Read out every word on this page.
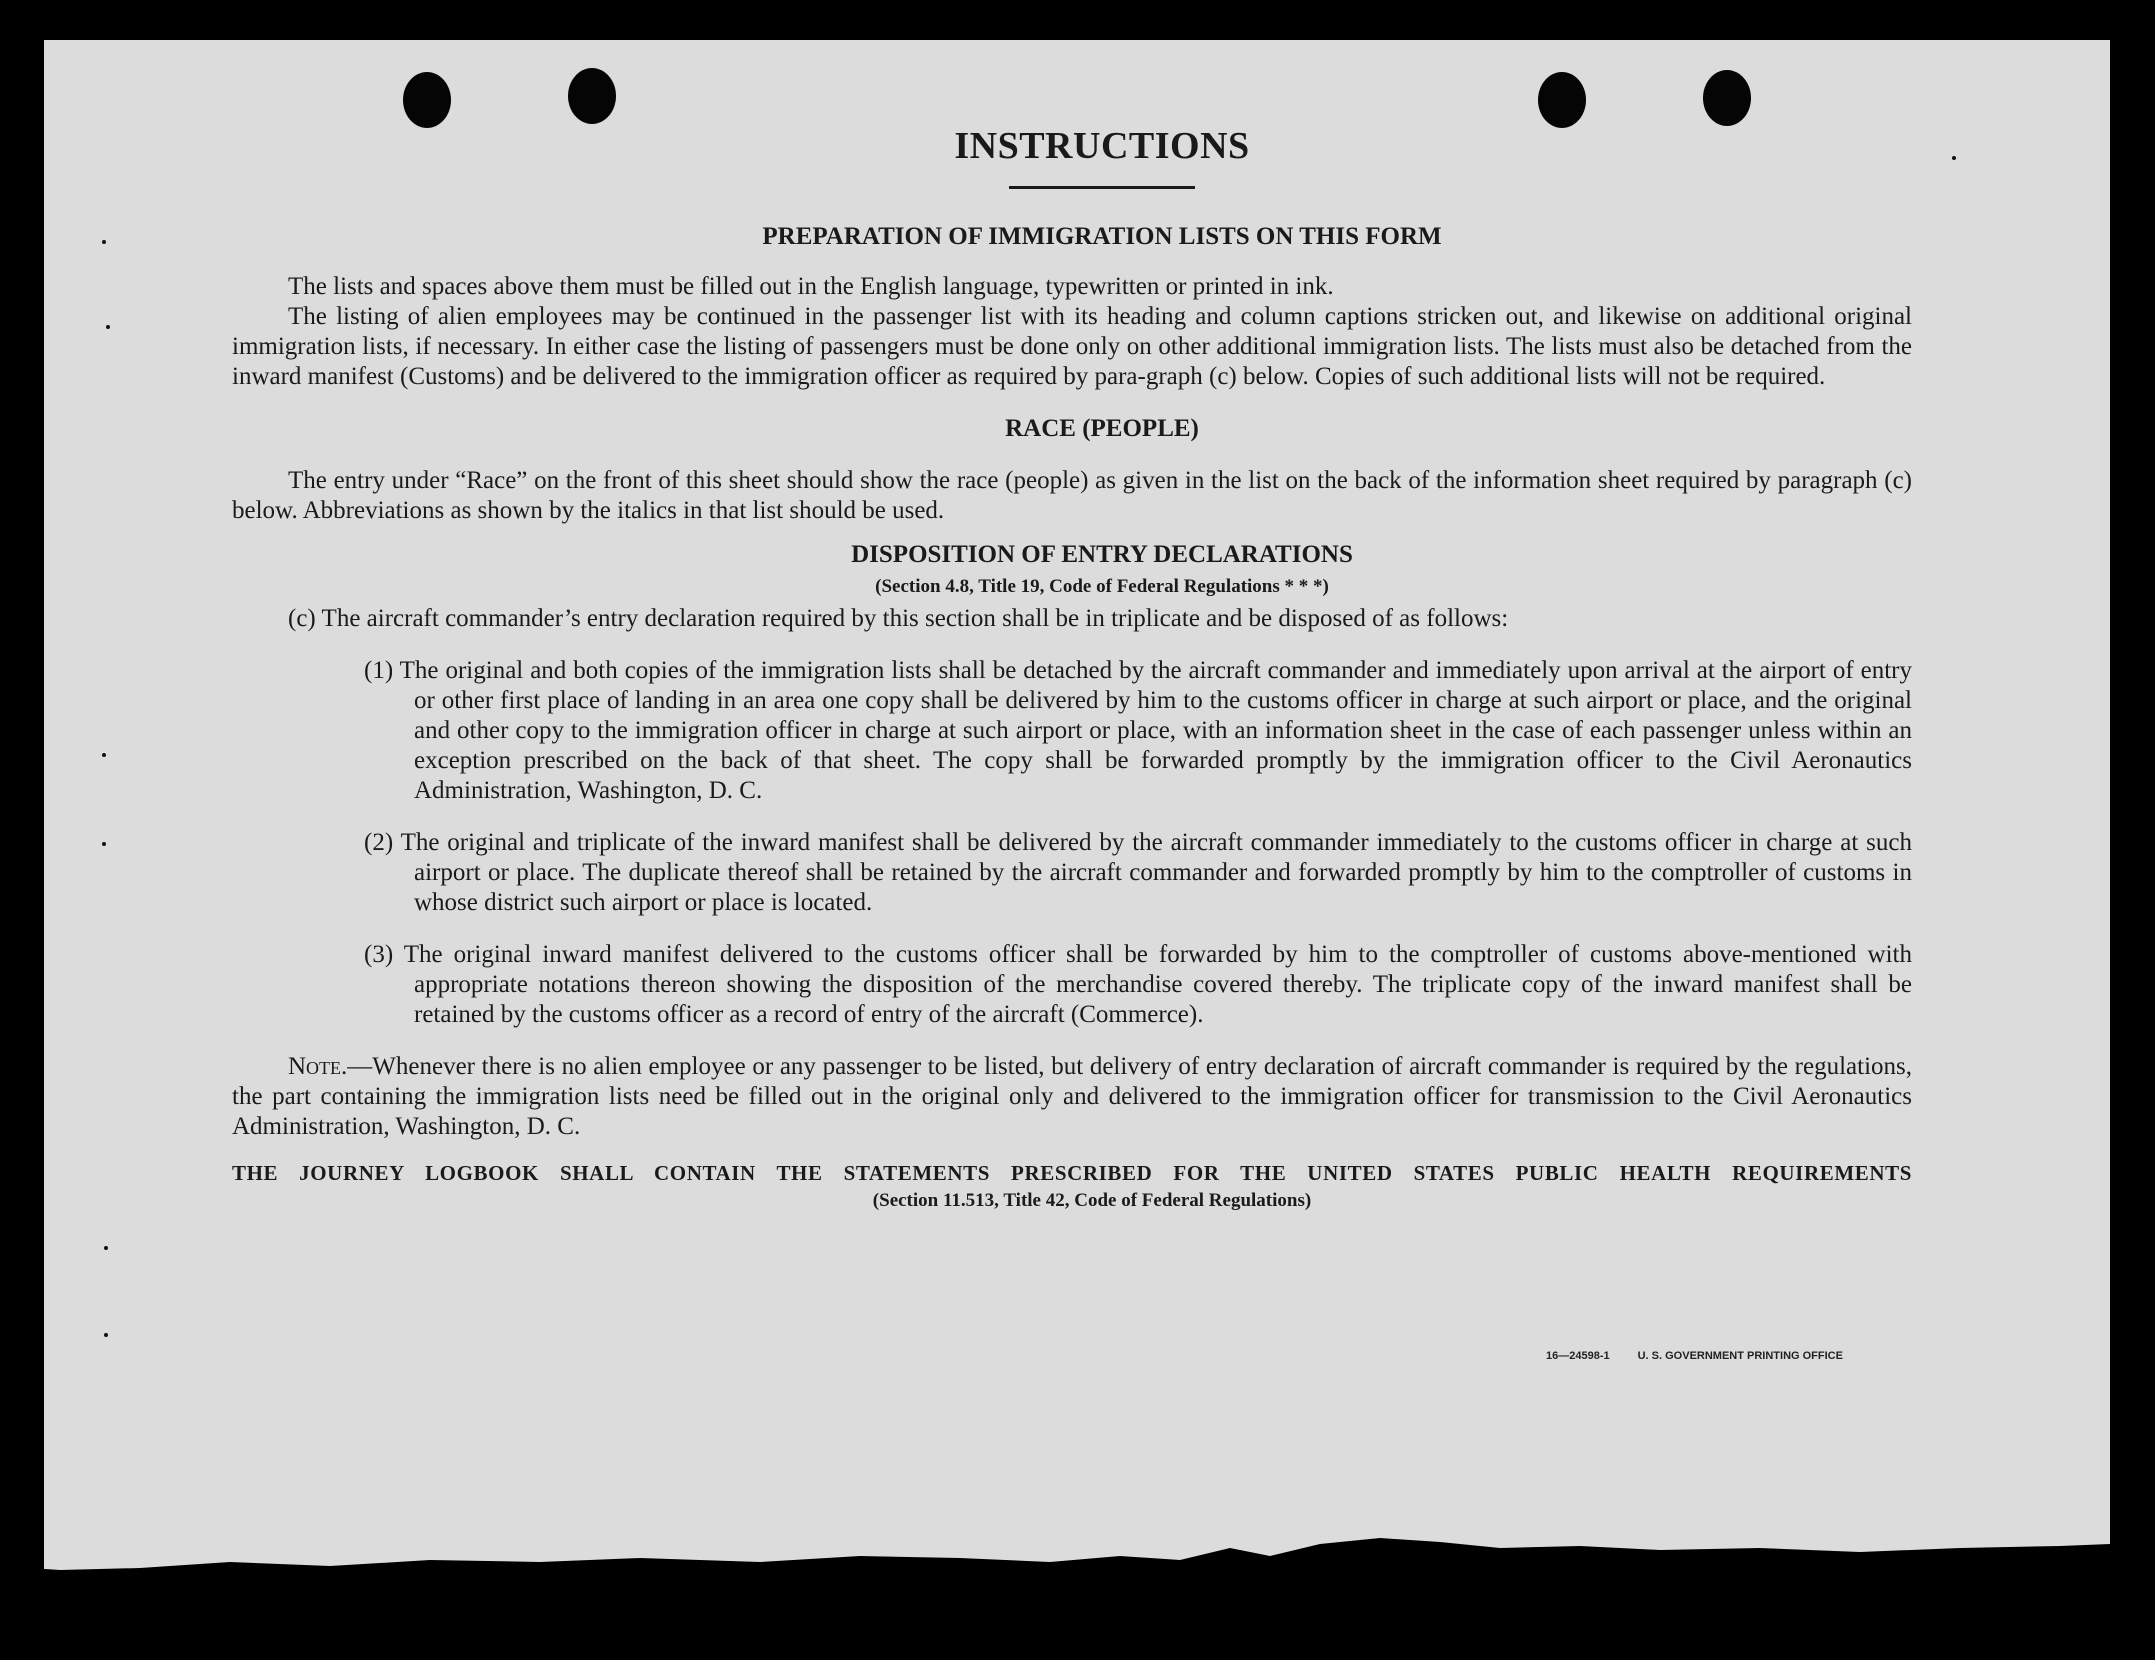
INSTRUCTIONS
PREPARATION OF IMMIGRATION LISTS ON THIS FORM

The lists and spaces above them must be filled out in the English language, typewritten or printed in ink.

The listing of alien employees may be continued in the passenger list with its heading and column captions stricken out, and likewise on additional original immigration lists, if necessary. In either case the listing of passengers must be done only on other additional immigration lists. The lists must also be detached from the inward manifest (Customs) and be delivered to the immigration officer as required by para-graph (c) below. Copies of such additional lists will not be required.

RACE (PEOPLE)

The entry under “Race” on the front of this sheet should show the race (people) as given in the list on the back of the information sheet required by paragraph (c) below. Abbreviations as shown by the italics in that list should be used.

DISPOSITION OF ENTRY DECLARATIONS
(Section 4.8, Title 19, Code of Federal Regulations * * *)

(c) The aircraft commander’s entry declaration required by this section shall be in triplicate and be disposed of as follows:

(1) The original and both copies of the immigration lists shall be detached by the aircraft commander and immediately upon arrival at the airport of entry or other first place of landing in an area one copy shall be delivered by him to the customs officer in charge at such airport or place, and the original and other copy to the immigration officer in charge at such airport or place, with an information sheet in the case of each passenger unless within an exception prescribed on the back of that sheet. The copy shall be forwarded promptly by the immigration officer to the Civil Aeronautics Administration, Washington, D. C.

(2) The original and triplicate of the inward manifest shall be delivered by the aircraft commander immediately to the customs officer in charge at such airport or place. The duplicate thereof shall be retained by the aircraft commander and forwarded promptly by him to the comptroller of customs in whose district such airport or place is located.

(3) The original inward manifest delivered to the customs officer shall be forwarded by him to the comptroller of customs above-mentioned with appropriate notations thereon showing the disposition of the merchandise covered thereby. The triplicate copy of the inward manifest shall be retained by the customs officer as a record of entry of the aircraft (Commerce).

Note.—Whenever there is no alien employee or any passenger to be listed, but delivery of entry declaration of aircraft commander is required by the regulations, the part containing the immigration lists need be filled out in the original only and delivered to the immigration officer for transmission to the Civil Aeronautics Administration, Washington, D. C.

THE JOURNEY LOGBOOK SHALL CONTAIN THE STATEMENTS PRESCRIBED FOR THE UNITED STATES PUBLIC HEALTH REQUIREMENTS
(Section 11.513, Title 42, Code of Federal Regulations)
16—24598-1	U. S. GOVERNMENT PRINTING OFFICE
